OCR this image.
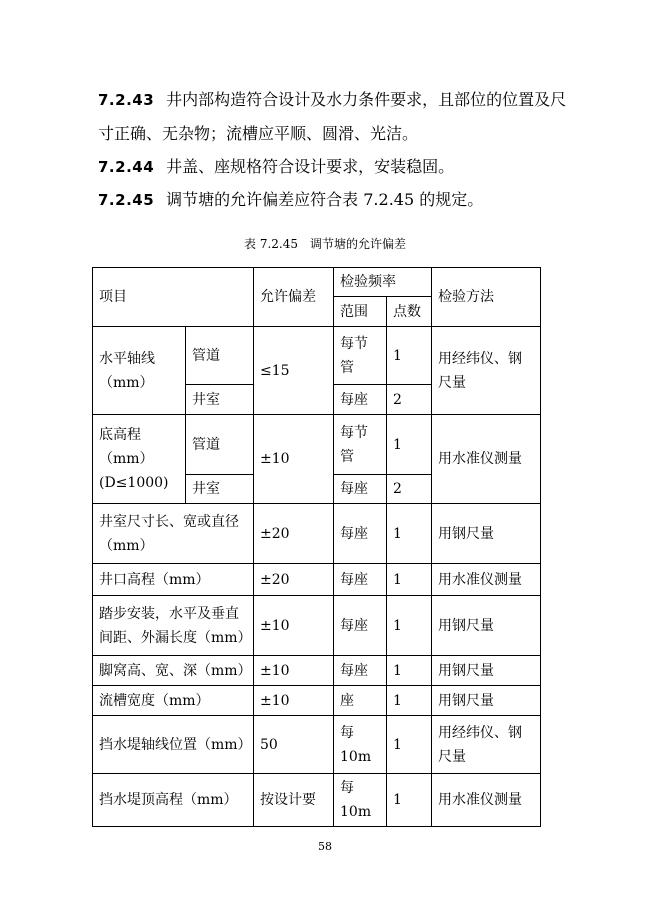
7.2.43 井内部构造符合设计及水力条件要求，且部位的位置及尺
寸正确、无杂物；流槽应平顺、圆滑、光洁。
7.2.44 井盖、座规格符合设计要求，安装稳固。
7.2.45 调节塘的允许偏差应符合表 7.2.45 的规定。
表 7.2.45　调节塘的允许偏差
项目		允许偏差	检验频率		检验方法
			范围	点数	
水平轴线（mm）	管道	≤15	每节管	1	用经纬仪、钢尺量
	井室		每座	2	
底高程（mm）(D≤1000)	管道	±10	每节管	1	用水准仪测量
	井室		每座	2	
井室尺寸长、宽或直径（mm）		±20	每座	1	用钢尺量
井口高程（mm）		±20	每座	1	用水准仪测量
踏步安装，水平及垂直间距、外漏长度（mm）		±10	每座	1	用钢尺量
脚窝高、宽、深（mm）		±10	每座	1	用钢尺量
流槽宽度（mm）		±10	座	1	用钢尺量
挡水堤轴线位置（mm）		50	每 10m	1	用经纬仪、钢尺量
挡水堤顶高程（mm）		按设计要	每 10m	1	用水准仪测量
58
